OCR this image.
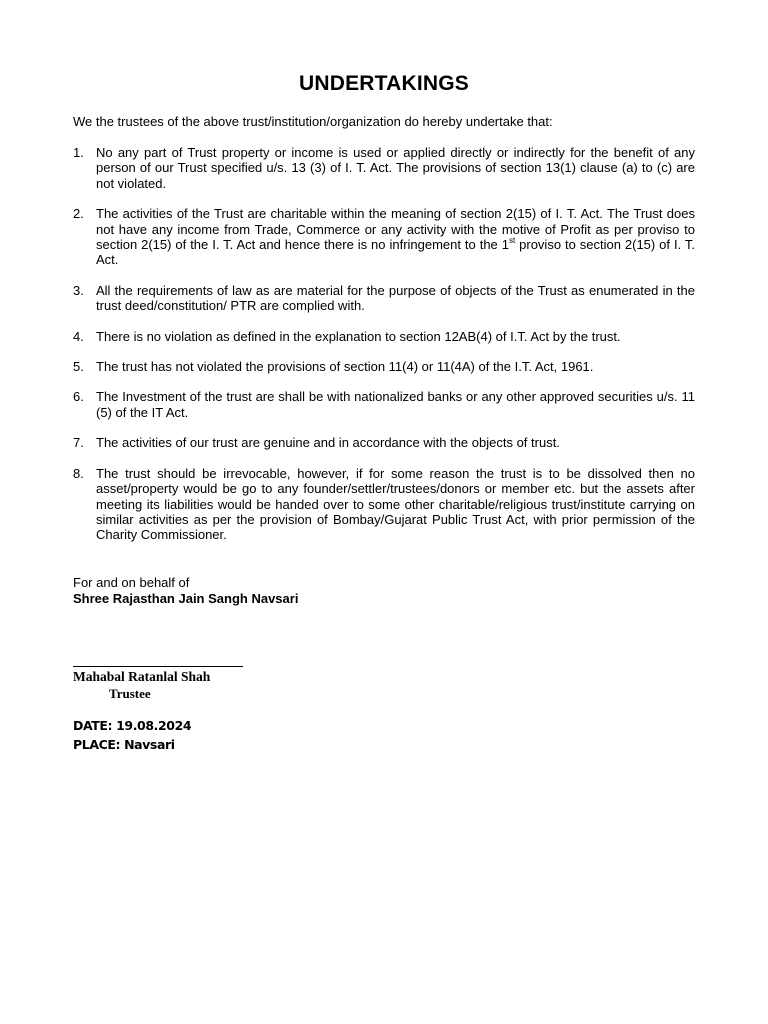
UNDERTAKINGS
We the trustees of the above trust/institution/organization do hereby undertake that:
1. No any part of Trust property or income is used or applied directly or indirectly for the benefit of any person of our Trust specified u/s. 13 (3) of I. T. Act. The provisions of section 13(1) clause (a) to (c) are not violated.
2. The activities of the Trust are charitable within the meaning of section 2(15) of I. T. Act. The Trust does not have any income from Trade, Commerce or any activity with the motive of Profit as per proviso to section 2(15) of the I. T. Act and hence there is no infringement to the 1st proviso to section 2(15) of I. T. Act.
3. All the requirements of law as are material for the purpose of objects of the Trust as enumerated in the trust deed/constitution/ PTR are complied with.
4. There is no violation as defined in the explanation to section 12AB(4) of I.T. Act by the trust.
5. The trust has not violated the provisions of section 11(4) or 11(4A) of the I.T. Act, 1961.
6. The Investment of the trust are shall be with nationalized banks or any other approved securities u/s. 11 (5) of the IT Act.
7. The activities of our trust are genuine and in accordance with the objects of trust.
8. The trust should be irrevocable, however, if for some reason the trust is to be dissolved then no asset/property would be go to any founder/settler/trustees/donors or member etc. but the assets after meeting its liabilities would be handed over to some other charitable/religious trust/institute carrying on similar activities as per the provision of Bombay/Gujarat Public Trust Act, with prior permission of the Charity Commissioner.
For and on behalf of
Shree Rajasthan Jain Sangh Navsari
Mahabal Ratanlal Shah
Trustee
DATE: 19.08.2024
PLACE: Navsari
